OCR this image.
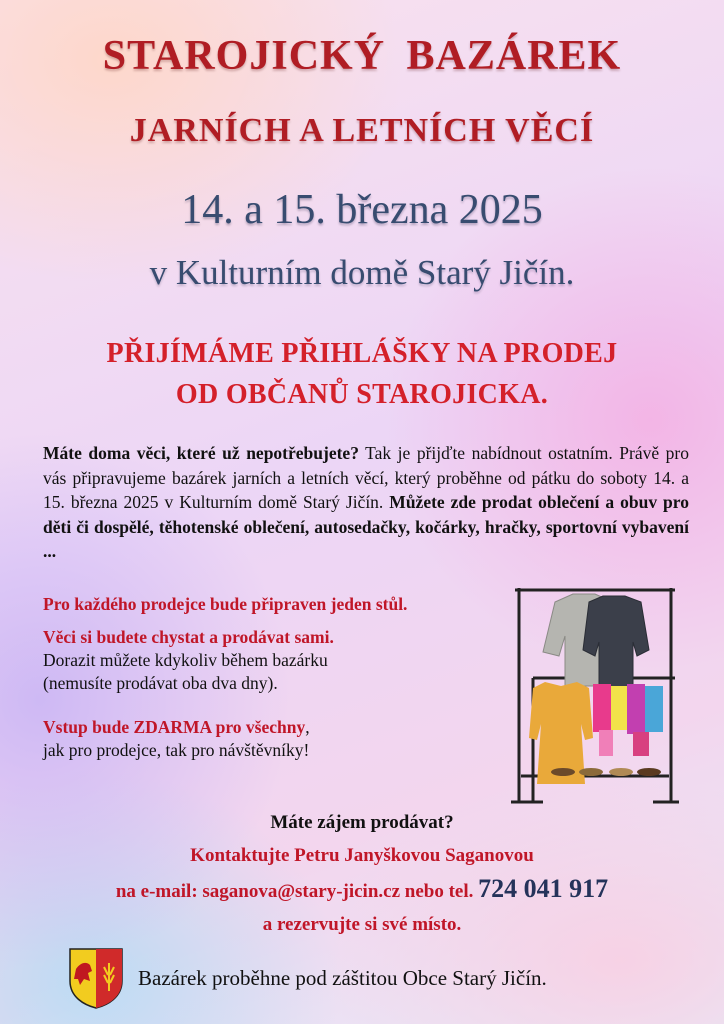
STAROJICKÝ BAZÁREK
JARNÍCH A LETNÍCH VĚCÍ
14. a 15. března 2025
v Kulturním domě Starý Jičín.
PŘIJÍMÁME PŘIHLÁŠKY NA PRODEJ
OD OBČANŮ STAROJICKA.
Máte doma věci, které už nepotřebujete? Tak je přijďte nabídnout ostatním. Právě pro vás připravujeme bazárek jarních a letních věcí, který proběhne od pátku do soboty 14. a 15. března 2025 v Kulturním domě Starý Jičín. Můžete zde prodat oblečení a obuv pro děti či dospělé, těhotenské oblečení, autosedačky, kočárky, hračky, sportovní vybavení ...
Pro každého prodejce bude připraven jeden stůl.
Věci si budete chystat a prodávat sami.
Dorazit můžete kdykoliv během bazárku
(nemusíte prodávat oba dva dny).
Vstup bude ZDARMA pro všechny,
jak pro prodejce, tak pro návštěvníky!
Máte zájem prodávat?
Kontaktujte Petru Janyškovou Saganovou
na e-mail: saganova@stary-jicin.cz nebo tel. 724 041 917
a rezervujte si své místo.
Bazárek proběhne pod záštitou Obce Starý Jičín.
